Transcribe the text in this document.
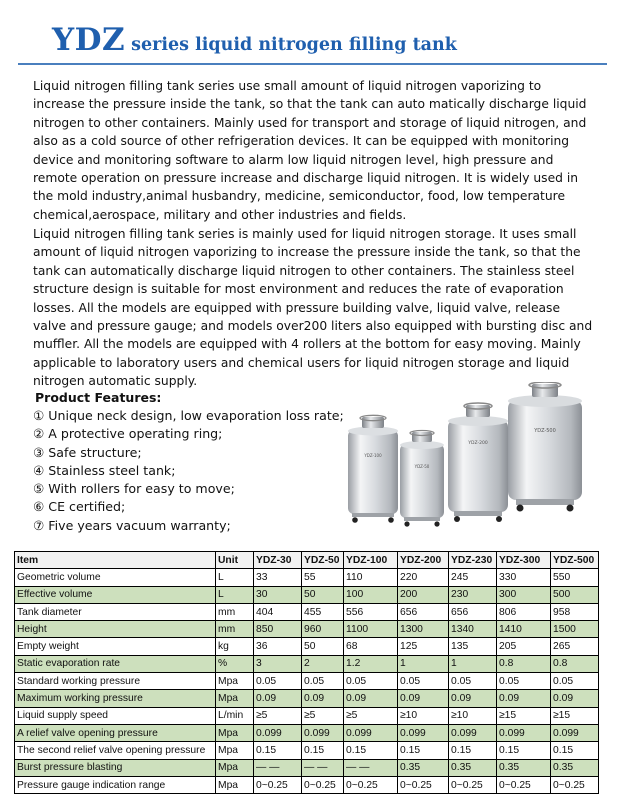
YDZ series liquid nitrogen filling tank

Liquid nitrogen filling tank series use small amount of liquid nitrogen vaporizing to increase the pressure inside the tank, so that the tank can auto matically discharge liquid nitrogen to other containers. Mainly used for transport and storage of liquid nitrogen, and also as a cold source of other refrigeration devices. It can be equipped with monitoring device and monitoring software to alarm low liquid nitrogen level, high pressure and remote operation on pressure increase and discharge liquid nitrogen. It is widely used in the mold industry,animal husbandry, medicine, semiconductor, food, low temperature chemical,aerospace, military and other industries and fields.

Liquid nitrogen filling tank series is mainly used for liquid nitrogen storage. It uses small amount of liquid nitrogen vaporizing to increase the pressure inside the tank, so that the tank can automatically discharge liquid nitrogen to other containers. The stainless steel structure design is suitable for most environment and reduces the rate of evaporation losses. All the models are equipped with pressure building valve, liquid valve, release valve and pressure gauge; and models over200 liters also equipped with bursting disc and muffler. All the models are equipped with 4 rollers at the bottom for easy moving. Mainly applicable to laboratory users and chemical users for liquid nitrogen storage and liquid nitrogen automatic supply.

Product Features:
① Unique neck design, low evaporation loss rate;
② A protective operating ring;
③ Safe structure;
④ Stainless steel tank;
⑤ With rollers for easy to move;
⑥ CE certified;
⑦ Five years vacuum warranty;
YDZ-500
YDZ-200
YDZ-50
YDZ-100
Item	Unit	YDZ-30	YDZ-50	YDZ-100	YDZ-200	YDZ-230	YDZ-300	YDZ-500
Geometric volume	L	33	55	110	220	245	330	550
Effective volume	L	30	50	100	200	230	300	500
Tank diameter	mm	404	455	556	656	656	806	958
Height	mm	850	960	1100	1300	1340	1410	1500
Empty weight	kg	36	50	68	125	135	205	265
Static evaporation rate	%	3	2	1.2	1	1	0.8	0.8
Standard working pressure	Mpa	0.05	0.05	0.05	0.05	0.05	0.05	0.05
Maximum working pressure	Mpa	0.09	0.09	0.09	0.09	0.09	0.09	0.09
Liquid supply speed	L/min	≥5	≥5	≥5	≥10	≥10	≥15	≥15
A relief valve opening pressure	Mpa	0.099	0.099	0.099	0.099	0.099	0.099	0.099
The second relief valve opening pressure	Mpa	0.15	0.15	0.15	0.15	0.15	0.15	0.15
Burst pressure blasting	Mpa	— —	— —	— —	0.35	0.35	0.35	0.35
Pressure gauge indication range	Mpa	0~0.25	0~0.25	0~0.25	0~0.25	0~0.25	0~0.25	0~0.25
